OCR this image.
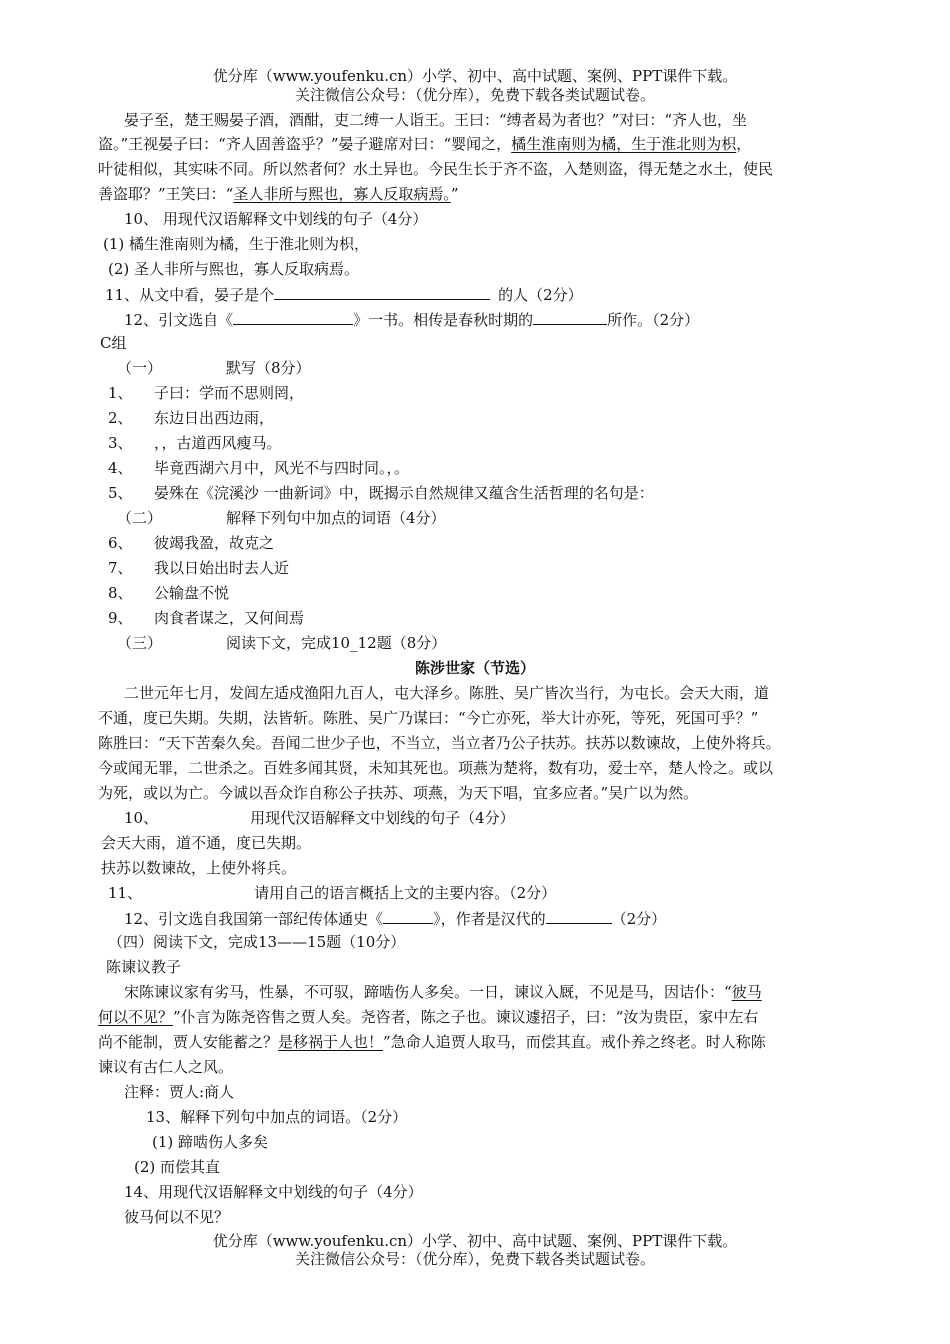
优分库（www.youfenku.cn）小学、初中、高中试题、案例、PPT课件下载。
关注微信公众号：（优分库），免费下载各类试题试卷。
晏子至，楚王赐晏子酒，酒酣，吏二缚一人诣王。王曰：“缚者曷为者也？”对曰：“齐人也，坐
盗。”王视晏子曰：“齐人固善盗乎？”晏子避席对曰：“婴闻之，橘生淮南则为橘，生于淮北则为枳，
叶徒相似，其实味不同。所以然者何？水土异也。今民生长于齐不盗，入楚则盗，得无楚之水土，使民
善盗耶？”王笑曰：“圣人非所与熙也，寡人反取病焉。”
10、 用现代汉语解释文中划线的句子（4分）
(1) 橘生淮南则为橘，生于淮北则为枳，
(2) 圣人非所与熙也，寡人反取病焉。
11、从文中看，晏子是个	的人（2分）
12、引文选自《	》一书。相传是春秋时期的	所作。（2分）
C组
（一）	默写（8分）
1、 子曰：学而不思则罔，
2、 东边日出西边雨，
3、 ，，古道西风瘦马。
4、 毕竟西湖六月中，风光不与四时同。，。
5、 晏殊在《浣溪沙 一曲新词》中，既揭示自然规律又蕴含生活哲理的名句是：
（二）	解释下列句中加点的词语（4分）
6、 彼竭我盈，故克之
7、 我以日始出时去人近
8、 公输盘不悦
9、 肉食者谋之，又何间焉
（三）	阅读下文，完成10_12题（8分）
陈涉世家（节选）
二世元年七月，发闾左适戍渔阳九百人，屯大泽乡。陈胜、吴广皆次当行，为屯长。会天大雨，道
不通，度已失期。失期，法皆斩。陈胜、吴广乃谋曰：“今亡亦死，举大计亦死，等死，死国可乎？”
陈胜曰：“天下苦秦久矣。吾闻二世少子也，不当立，当立者乃公子扶苏。扶苏以数谏故，上使外将兵。
今或闻无罪，二世杀之。百姓多闻其贤，未知其死也。项燕为楚将，数有功，爱士卒，楚人怜之。或以
为死，或以为亡。今诚以吾众诈自称公子扶苏、项燕，为天下唱，宜多应者。”吴广以为然。
10、	用现代汉语解释文中划线的句子（4分）
会天大雨，道不通，度已失期。
扶苏以数谏故，上使外将兵。
11、	请用自己的语言概括上文的主要内容。（2分）
12、引文选自我国第一部纪传体通史《	》，作者是汉代的	（2分）
（四）阅读下文，完成13——15题（10分）
陈谏议教子
宋陈谏议家有劣马，性暴，不可驭，蹄啮伤人多矣。一日，谏议入厩，不见是马，因诘仆：“彼马
何以不见？”仆言为陈尧咨售之贾人矣。尧咨者，陈之子也。谏议遽招子，曰：“汝为贵臣，家中左右
尚不能制，贾人安能蓄之？是移祸于人也！”急命人追贾人取马，而偿其直。戒仆养之终老。时人称陈
谏议有古仁人之风。
注释：贾人:商人
13、解释下列句中加点的词语。（2分）
(1) 蹄啮伤人多矣
(2) 而偿其直
14、用现代汉语解释文中划线的句子（4分）
彼马何以不见？
优分库（www.youfenku.cn）小学、初中、高中试题、案例、PPT课件下载。
关注微信公众号：（优分库），免费下载各类试题试卷。
